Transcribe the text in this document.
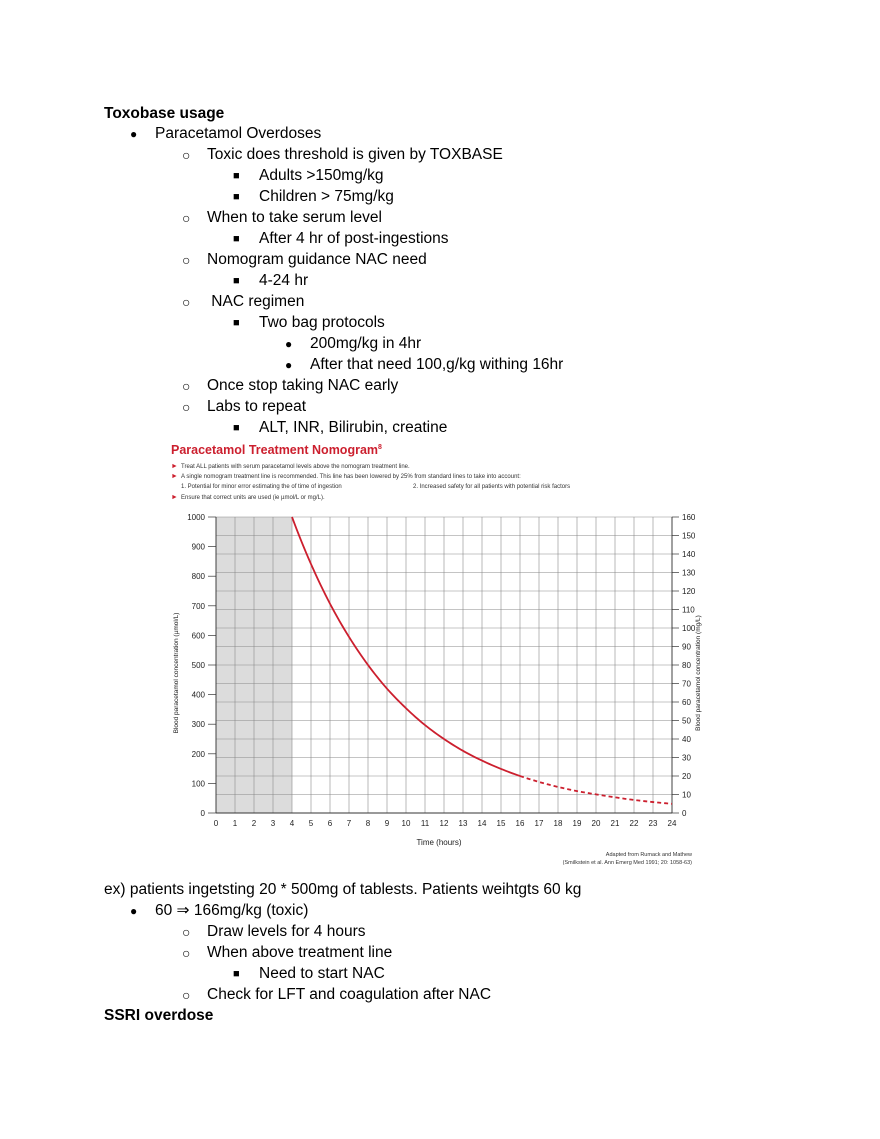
Toxobase usage
● Paracetamol Overdoses
○ Toxic does threshold is given by TOXBASE
■ Adults >150mg/kg
■ Children > 75mg/kg
○ When to take serum level
■ After 4 hr of post-ingestions
○ Nomogram guidance NAC need
■ 4-24 hr
○ NAC regimen
■ Two bag protocols
● 200mg/kg in 4hr
● After that need 100,g/kg withing 16hr
○ Once stop taking NAC early
○ Labs to repeat
■ ALT, INR, Bilirubin, creatine
Paracetamol Treatment Nomogram$^8$
► Treat ALL patients with serum paracetamol levels above the nomogram treatment line.
► A single nomogram treatment line is recommended. This line has been lowered by 25% from standard lines to take into account:
1. Potential for minor error estimating the of time of ingestion	2. Increased safety for all patients with potential risk factors
► Ensure that correct units are used (ie µmol/L or mg/L).
0 1 2 3 4 5 6 7 8 9 10 11 12 13 14 15 16 17 18 19 20 21 22 23 24
0
100
200
300
400
500
600
700
800
900
1000
0
10
20
30
40
50
60
70
80
90
100
110
120
130
140
150
160
Time (hours)
Blood paracetamol concentration (µmol/L)	Blood paracetamol concentration (mg/L)
Adapted from Rumack and Mathew
(Smilkstein et al. Ann Emerg Med 1991; 20: 1058-63)
ex) patients ingetsting 20 * 500mg of tablests. Patients weihtgts 60 kg
● 60 ⇒ 166mg/kg (toxic)
○ Draw levels for 4 hours
○ When above treatment line
■ Need to start NAC
○ Check for LFT and coagulation after NAC
SSRI overdose
